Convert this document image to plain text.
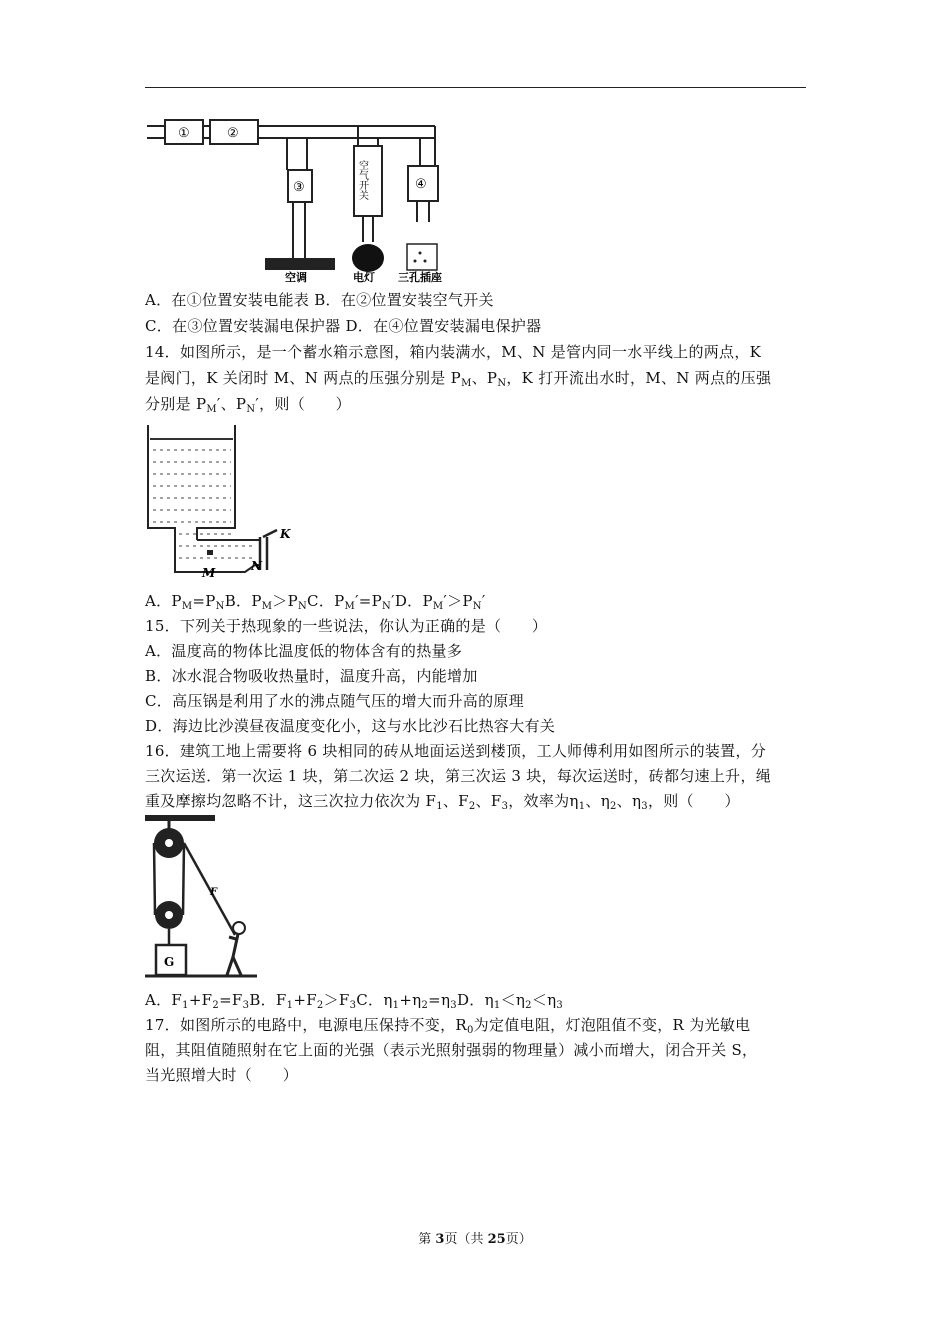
①	②
③	④
空气开关
空调	电灯 三孔插座
A．在①位置安装电能表 B．在②位置安装空气开关
C．在③位置安装漏电保护器 D．在④位置安装漏电保护器
14．如图所示，是一个蓄水箱示意图，箱内装满水，M、N 是管内同一水平线上的两点，K
是阀门，K 关闭时 M、N 两点的压强分别是 $P_M$、$P_N$，K 打开流出水时，M、N 两点的压强
分别是 $P_M'$、$P_N'$，则（　　）
M	N
K
A．$P_M=P_NB$．$P_M>P_NC$．$P_M'=P_N'D$．$P_M'>P_N'$
15．下列关于热现象的一些说法，你认为正确的是（　　）
A．温度高的物体比温度低的物体含有的热量多
B．冰水混合物吸收热量时，温度升高，内能增加
C．高压锅是利用了水的沸点随气压的增大而升高的原理
D．海边比沙漠昼夜温度变化小，这与水比沙石比热容大有关
16．建筑工地上需要将 6 块相同的砖从地面运送到楼顶，工人师傅利用如图所示的装置，分
三次运送．第一次运 1 块，第二次运 2 块，第三次运 3 块，每次运送时，砖都匀速上升，绳
重及摩擦均忽略不计，这三次拉力依次为 $F_1$、$F_2$、$F_3$，效率为$\eta_1$、$\eta_2$、$\eta_3$，则（　　）
G
F
A．$F_1+F_2=F_3B$．$F_1+F_2>F_3C$．$\eta_1+\eta_2=\eta_3D$．$\eta_1<\eta_2<\eta_3$
17．如图所示的电路中，电源电压保持不变，$R_0$为定值电阻，灯泡阻值不变，R 为光敏电
阻，其阻值随照射在它上面的光强（表示光照射强弱的物理量）减小而增大，闭合开关 S，
当光照增大时（　　）
第 3页（共 25页）
